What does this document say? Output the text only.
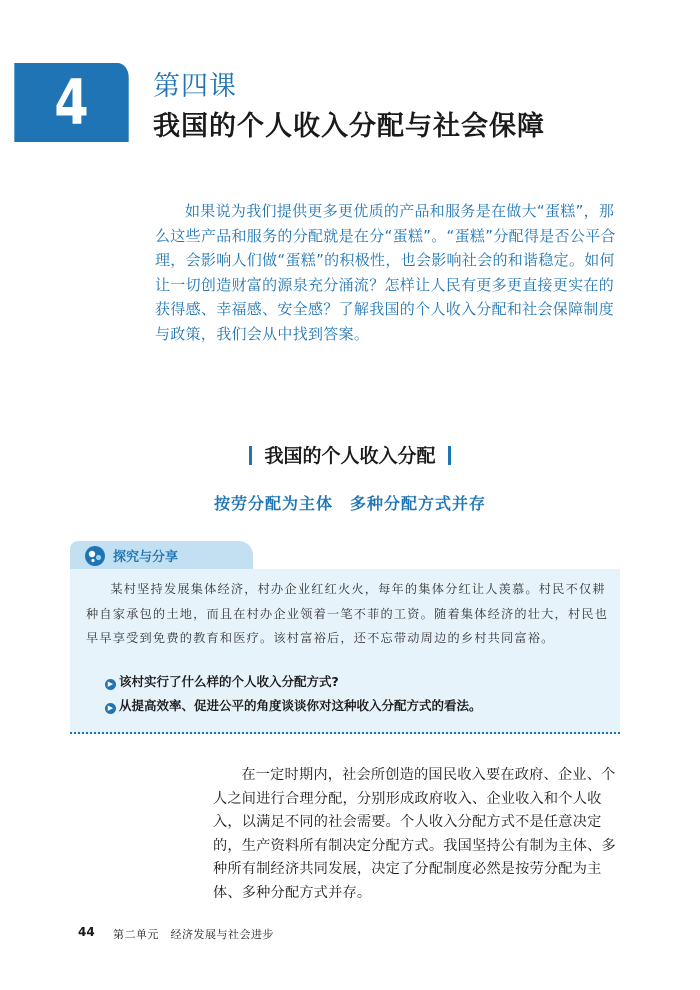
4	第四课
我国的个人收入分配与社会保障

如果说为我们提供更多更优质的产品和服务是在做大“蛋糕”，那么这些产品和服务的分配就是在分“蛋糕”。“蛋糕”分配得是否公平合理，会影响人们做“蛋糕”的积极性，也会影响社会的和谐稳定。如何让一切创造财富的源泉充分涌流？怎样让人民有更多更直接更实在的获得感、幸福感、安全感？了解我国的个人收入分配和社会保障制度与政策，我们会从中找到答案。

我国的个人收入分配
按劳分配为主体　多种分配方式并存
探究与分享

某村坚持发展集体经济，村办企业红红火火，每年的集体分红让人羡慕。村民不仅耕种自家承包的土地，而且在村办企业领着一笔不菲的工资。随着集体经济的壮大，村民也早早享受到免费的教育和医疗。该村富裕后，还不忘带动周边的乡村共同富裕。

▶ 该村实行了什么样的个人收入分配方式?
▶ 从提高效率、促进公平的角度谈谈你对这种收入分配方式的看法。

在一定时期内，社会所创造的国民收入要在政府、企业、个人之间进行合理分配，分别形成政府收入、企业收入和个人收入，以满足不同的社会需要。个人收入分配方式不是任意决定的，生产资料所有制决定分配方式。我国坚持公有制为主体、多种所有制经济共同发展，决定了分配制度必然是按劳分配为主体、多种分配方式并存。

44 第二单元　经济发展与社会进步
